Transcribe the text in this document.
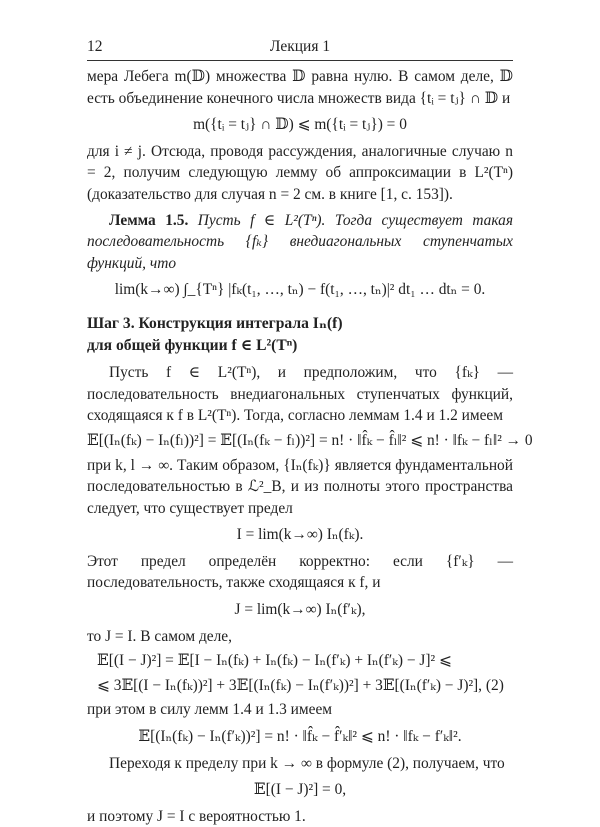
12	Лекция 1

мера Лебега m(𝔻) множества 𝔻 равна нулю. В самом деле, 𝔻 есть объединение конечного числа множеств вида {tᵢ = tⱼ} ∩ 𝔻 и

m({tᵢ = tⱼ} ∩ 𝔻) ⩽ m({tᵢ = tⱼ}) = 0

для i ≠ j. Отсюда, проводя рассуждения, аналогичные случаю n = 2, получим следующую лемму об аппроксимации в L²(Tⁿ) (доказательство для случая n = 2 см. в книге [1, с. 153]).

Лемма 1.5. Пусть f ∈ L²(Tⁿ). Тогда существует такая последовательность {fₖ} внедиагональных ступенчатых функций, что

lim(k→∞) ∫_{Tⁿ} |fₖ(t₁, …, tₙ) − f(t₁, …, tₙ)|² dt₁ … dtₙ = 0.
Шаг 3. Конструкция интеграла Iₙ(f)
для общей функции f ∈ L²(Tⁿ)

Пусть f ∈ L²(Tⁿ), и предположим, что {fₖ} — последовательность внедиагональных ступенчатых функций, сходящаяся к f в L²(Tⁿ). Тогда, согласно леммам 1.4 и 1.2 имеем

𝔼[(Iₙ(fₖ) − Iₙ(fₗ))²] = 𝔼[(Iₙ(fₖ − fₗ))²] = n! · ‖f̂ₖ − f̂ₗ‖² ⩽ n! · ‖fₖ − fₗ‖² → 0

при k, l → ∞. Таким образом, {Iₙ(fₖ)} является фундаментальной последовательностью в ℒ²_B, и из полноты этого пространства следует, что существует предел

I = lim(k→∞) Iₙ(fₖ).

Этот предел определён корректно: если {f′ₖ} — последовательность, также сходящаяся к f, и

J = lim(k→∞) Iₙ(f′ₖ),

то J = I. В самом деле,

𝔼[(I − J)²] = 𝔼[I − Iₙ(fₖ) + Iₙ(fₖ) − Iₙ(f′ₖ) + Iₙ(f′ₖ) − J]² ⩽
⩽ 3𝔼[(I − Iₙ(fₖ))²] + 3𝔼[(Iₙ(fₖ) − Iₙ(f′ₖ))²] + 3𝔼[(Iₙ(f′ₖ) − J)²], (2)

при этом в силу лемм 1.4 и 1.3 имеем

𝔼[(Iₙ(fₖ) − Iₙ(f′ₖ))²] = n! · ‖f̂ₖ − f̂′ₖ‖² ⩽ n! · ‖fₖ − f′ₖ‖².

Переходя к пределу при k → ∞ в формуле (2), получаем, что

𝔼[(I − J)²] = 0,

и поэтому J = I с вероятностью 1.
